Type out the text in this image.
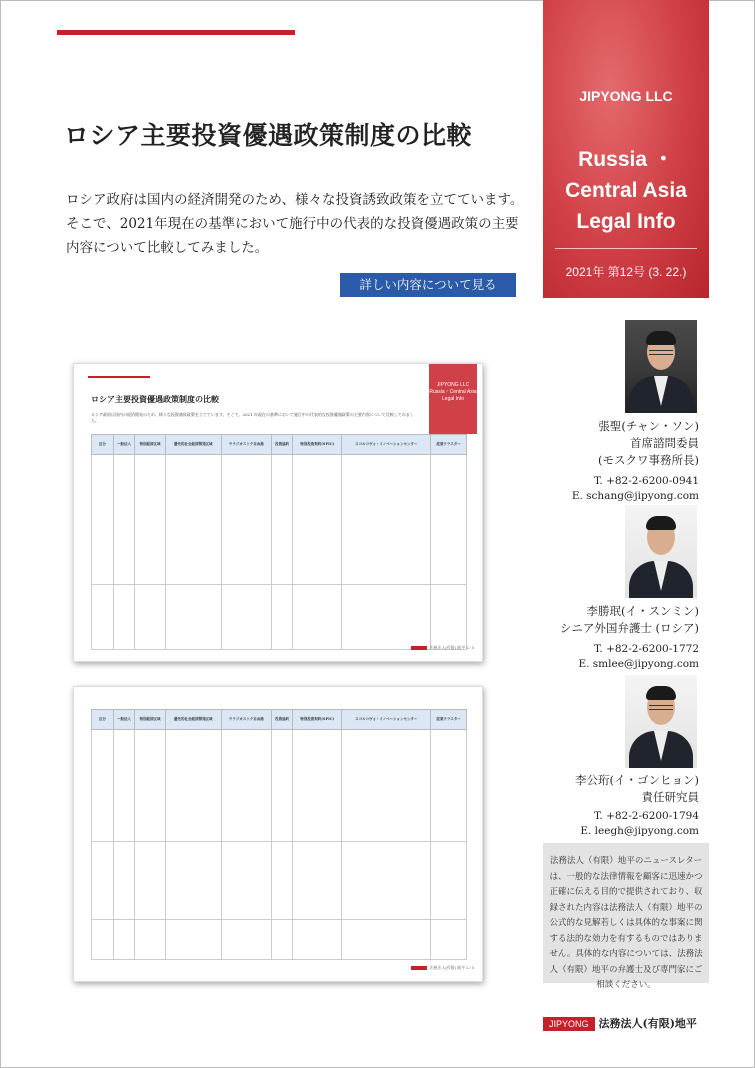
ロシア主要投資優遇政策制度の比較

ロシア政府は国内の経済開発のため、様々な投資誘致政策を立てています。そこで、2021年現在の基準において施行中の代表的な投資優遇政策の主要内容について比較してみました。

詳しい内容について見る
JIPYONG LLC
Russia ・
Central Asia
Legal Info
2021年 第12号 (3. 22.)
ロシア主要投資優遇政策制度の比較
JIPYONG LLC Russia・Central Asia Legal Info
ロシア政府は国内の経済開発のため、様々な投資誘致政策を立てています。そこで、2021 年現在の基準において施行中の代表的な投資優遇政策の主要内容について比較してみました。
区分	一般法人	特別経済区域	優先的社会経済開発区域	ウラジオストク自由港	投資協約	特別投資契約(SPIC)	スコルコヴォ・イノベーションセンター	産業クラスター

法務法人(有限) 地平 1 / 4
区分	一般法人	特別経済区域	優先的社会経済開発区域	ウラジオストク自由港	投資協約	特別投資契約(SPIC)	スコルコヴォ・イノベーションセンター	産業クラスター

法務法人(有限) 地平 2 / 4
張聖(チャン・ソン)
首席諮問委員
(モスクワ事務所長)
T. +82-2-6200-0941
E. schang@jipyong.com
李勝珉(イ・スンミン)
シニア外国弁護士 (ロシア)
T. +82-2-6200-1772
E. smlee@jipyong.com
李公珩(イ・ゴンヒョン)
責任研究員
T. +82-2-6200-1794
E. leegh@jipyong.com
法務法人（有限）地平のニュースレターは、一般的な法律情報を顧客に迅速かつ正確に伝える目的で提供されており、収録された内容は法務法人（有限）地平の公式的な見解若しくは具体的な事案に関する法的な効力を有するものではありません。具体的な内容については、法務法人（有限）地平の弁護士及び専門家にご相談ください。
JIPYONG 法務法人(有限)地平
